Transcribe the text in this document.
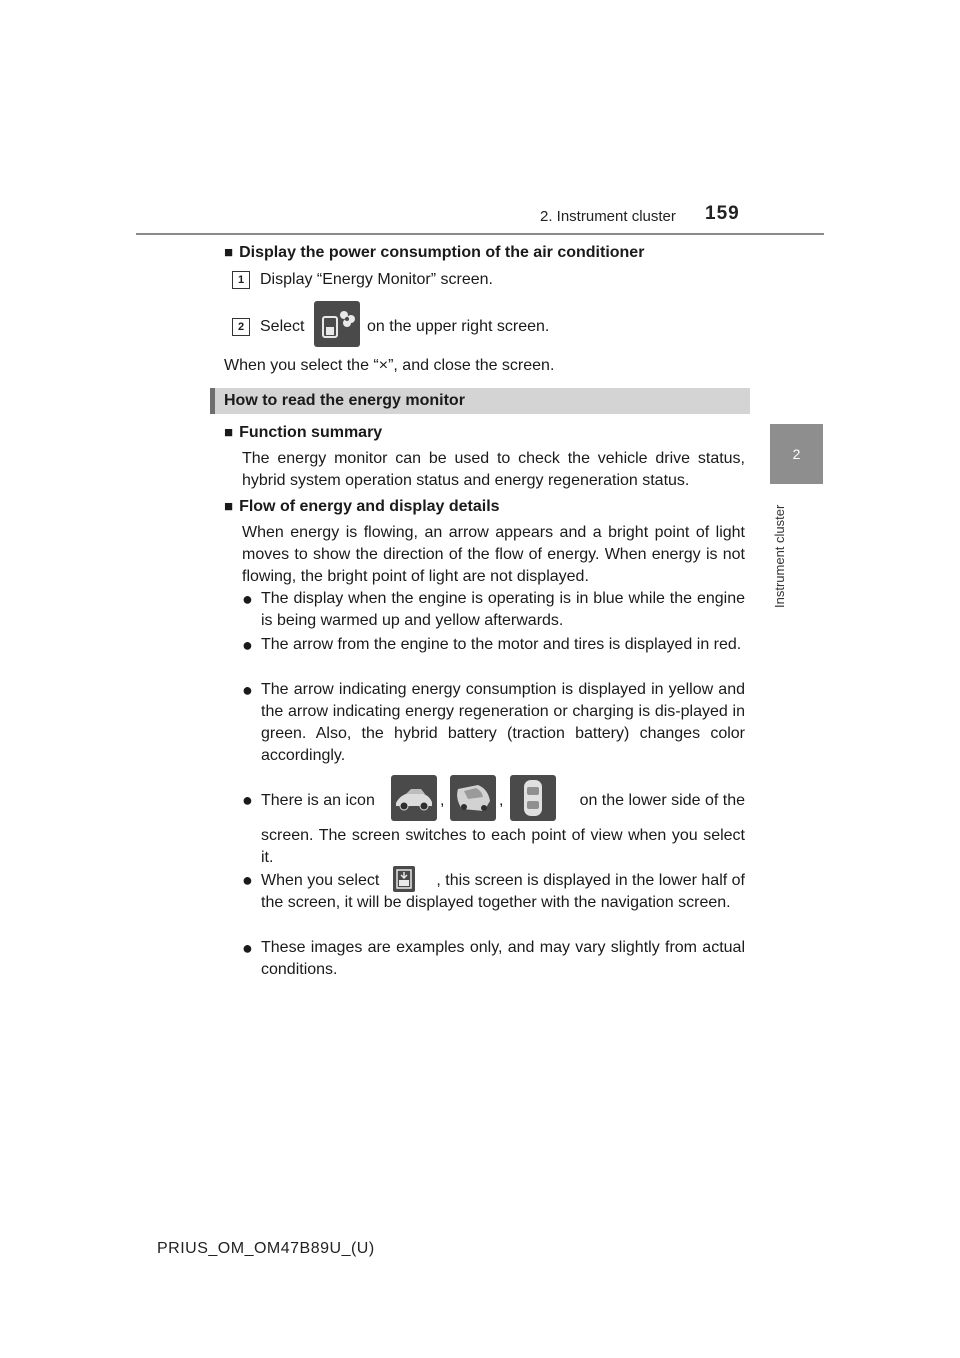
2. Instrument cluster 159
2
Instrument cluster
■ Display the power consumption of the air conditioner
1 Display “Energy Monitor” screen.
2 Select	on the upper right screen.
When you select the “×”, and close the screen.
How to read the energy monitor
■ Function summary
The energy monitor can be used to check the vehicle drive status, hybrid system operation status and energy regeneration status.
■ Flow of energy and display details
When energy is flowing, an arrow appears and a bright point of light moves to show the direction of the flow of energy. When energy is not flowing, the bright point of light are not displayed.
● The display when the engine is operating is in blue while the engine is being warmed up and yellow afterwards.
● The arrow from the engine to the motor and tires is displayed in red.
● The arrow indicating energy consumption is displayed in yellow and the arrow indicating energy regeneration or charging is dis-played in green. Also, the hybrid battery (traction battery) changes color accordingly.
● There is an icon	,	,	on the lower side of the
screen. The screen switches to each point of view when you select it.
● When you select	, this screen is displayed in the lower half of
the screen, it will be displayed together with the navigation screen.
● These images are examples only, and may vary slightly from actual conditions.
PRIUS_OM_OM47B89U_(U)
